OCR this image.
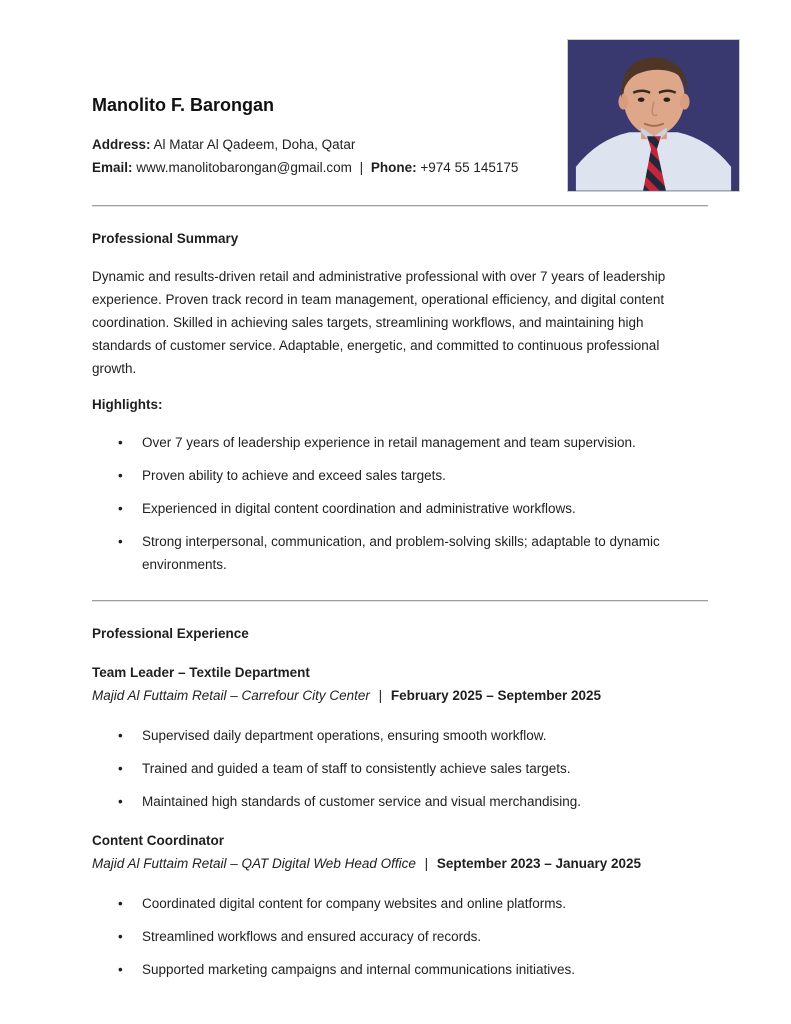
Manolito F. Barongan
Address: Al Matar Al Qadeem, Doha, Qatar
Email: www.manolitobarongan@gmail.com | Phone: +974 55 145175
Professional Summary
Dynamic and results-driven retail and administrative professional with over 7 years of leadership experience. Proven track record in team management, operational efficiency, and digital content coordination. Skilled in achieving sales targets, streamlining workflows, and maintaining high standards of customer service. Adaptable, energetic, and committed to continuous professional growth.
Highlights:
• Over 7 years of leadership experience in retail management and team supervision.
• Proven ability to achieve and exceed sales targets.
• Experienced in digital content coordination and administrative workflows.
• Strong interpersonal, communication, and problem-solving skills; adaptable to dynamic environments.
Professional Experience
Team Leader – Textile Department
Majid Al Futtaim Retail – Carrefour City Center | February 2025 – September 2025
• Supervised daily department operations, ensuring smooth workflow.
• Trained and guided a team of staff to consistently achieve sales targets.
• Maintained high standards of customer service and visual merchandising.
Content Coordinator
Majid Al Futtaim Retail – QAT Digital Web Head Office | September 2023 – January 2025
• Coordinated digital content for company websites and online platforms.
• Streamlined workflows and ensured accuracy of records.
• Supported marketing campaigns and internal communications initiatives.
